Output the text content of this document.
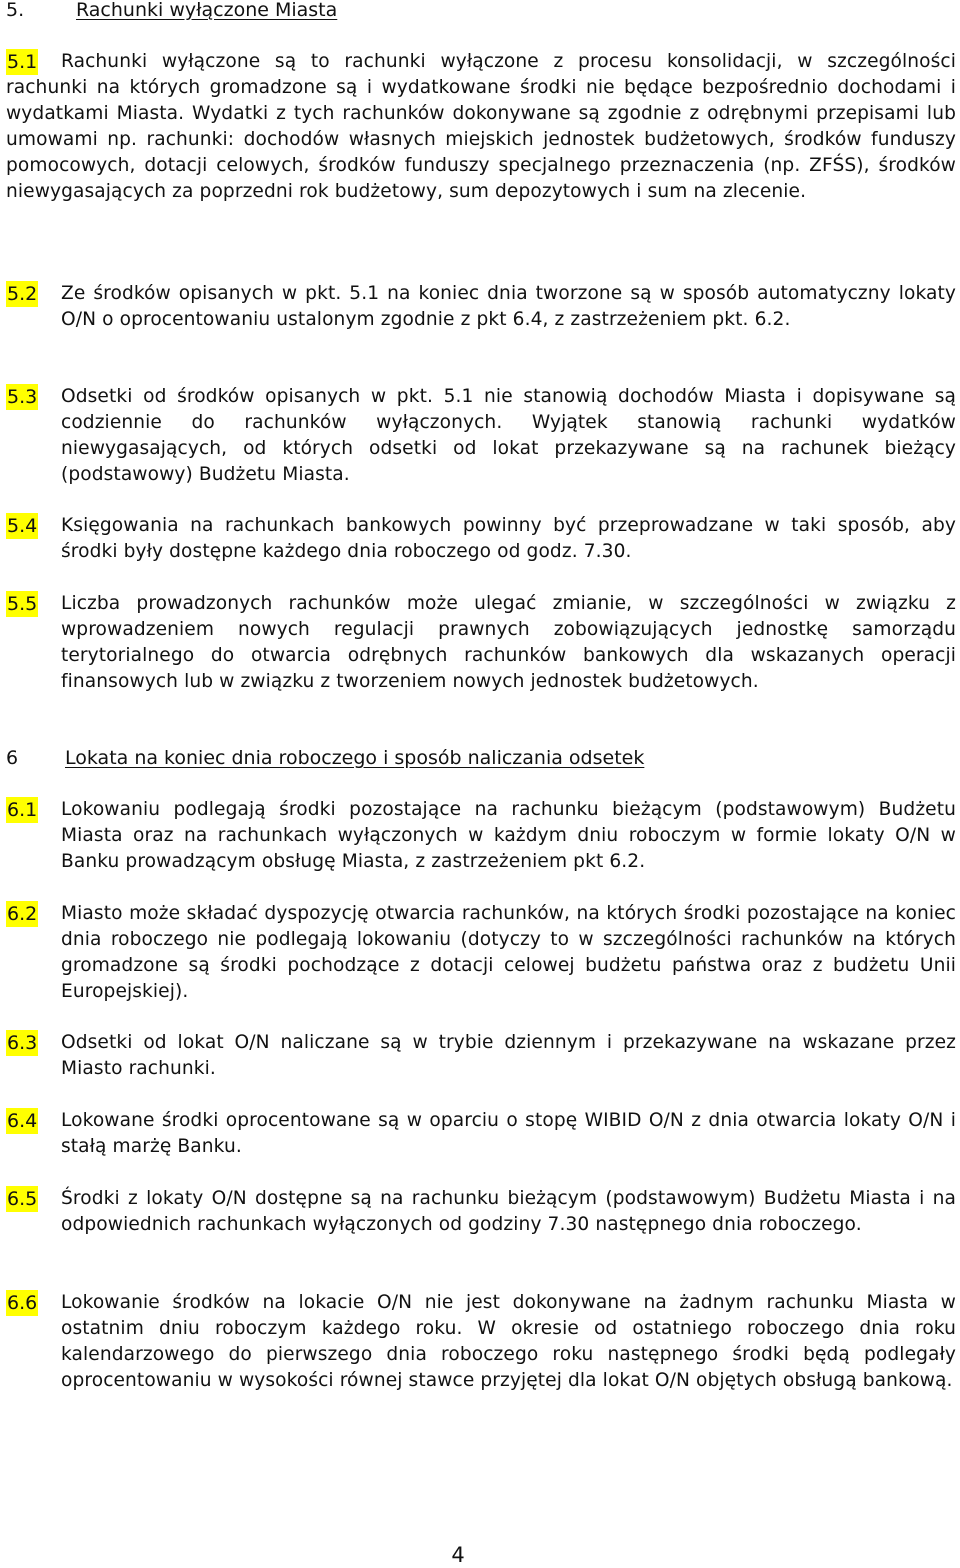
5.	Rachunki wyłączone Miasta
5.1	Rachunki wyłączone są to rachunki wyłączone z procesu konsolidacji, w szczególności rachunki na których gromadzone są i wydatkowane środki nie będące bezpośrednio dochodami i wydatkami Miasta. Wydatki z tych rachunków dokonywane są zgodnie z odrębnymi przepisami lub umowami np. rachunki: dochodów własnych miejskich jednostek budżetowych, środków funduszy pomocowych, dotacji celowych, środków funduszy specjalnego przeznaczenia (np. ZFŚS), środków niewygasających za poprzedni rok budżetowy, sum depozytowych i sum na zlecenie.
5.2 Ze środków opisanych w pkt. 5.1 na koniec dnia tworzone są w sposób automatyczny lokaty O/N o oprocentowaniu ustalonym zgodnie z pkt 6.4, z zastrzeżeniem pkt. 6.2.
5.3 Odsetki od środków opisanych w pkt. 5.1 nie stanowią dochodów Miasta i dopisywane są codziennie do rachunków wyłączonych. Wyjątek stanowią rachunki wydatków niewygasających, od których odsetki od lokat przekazywane są na rachunek bieżący (podstawowy) Budżetu Miasta.
5.4 Księgowania na rachunkach bankowych powinny być przeprowadzane w taki sposób, aby środki były dostępne każdego dnia roboczego od godz. 7.30.
5.5 Liczba prowadzonych rachunków może ulegać zmianie, w szczególności w związku z wprowadzeniem nowych regulacji prawnych zobowiązujących jednostkę samorządu terytorialnego do otwarcia odrębnych rachunków bankowych dla wskazanych operacji finansowych lub w związku z tworzeniem nowych jednostek budżetowych.
6 Lokata na koniec dnia roboczego i sposób naliczania odsetek
6.1 Lokowaniu podlegają środki pozostające na rachunku bieżącym (podstawowym) Budżetu Miasta oraz na rachunkach wyłączonych w każdym dniu roboczym w formie lokaty O/N w Banku prowadzącym obsługę Miasta, z zastrzeżeniem pkt 6.2.
6.2 Miasto może składać dyspozycję otwarcia rachunków, na których środki pozostające na koniec dnia roboczego nie podlegają lokowaniu (dotyczy to w szczególności rachunków na których gromadzone są środki pochodzące z dotacji celowej budżetu państwa oraz z budżetu Unii Europejskiej).
6.3 Odsetki od lokat O/N naliczane są w trybie dziennym i przekazywane na wskazane przez Miasto rachunki.
6.4 Lokowane środki oprocentowane są w oparciu o stopę WIBID O/N z dnia otwarcia lokaty O/N i stałą marżę Banku.
6.5 Środki z lokaty O/N dostępne są na rachunku bieżącym (podstawowym) Budżetu Miasta i na odpowiednich rachunkach wyłączonych od godziny 7.30 następnego dnia roboczego.
6.6 Lokowanie środków na lokacie O/N nie jest dokonywane na żadnym rachunku Miasta w ostatnim dniu roboczym każdego roku. W okresie od ostatniego roboczego dnia roku kalendarzowego do pierwszego dnia roboczego roku następnego środki będą podlegały oprocentowaniu w wysokości równej stawce przyjętej dla lokat O/N objętych obsługą bankową.
4
